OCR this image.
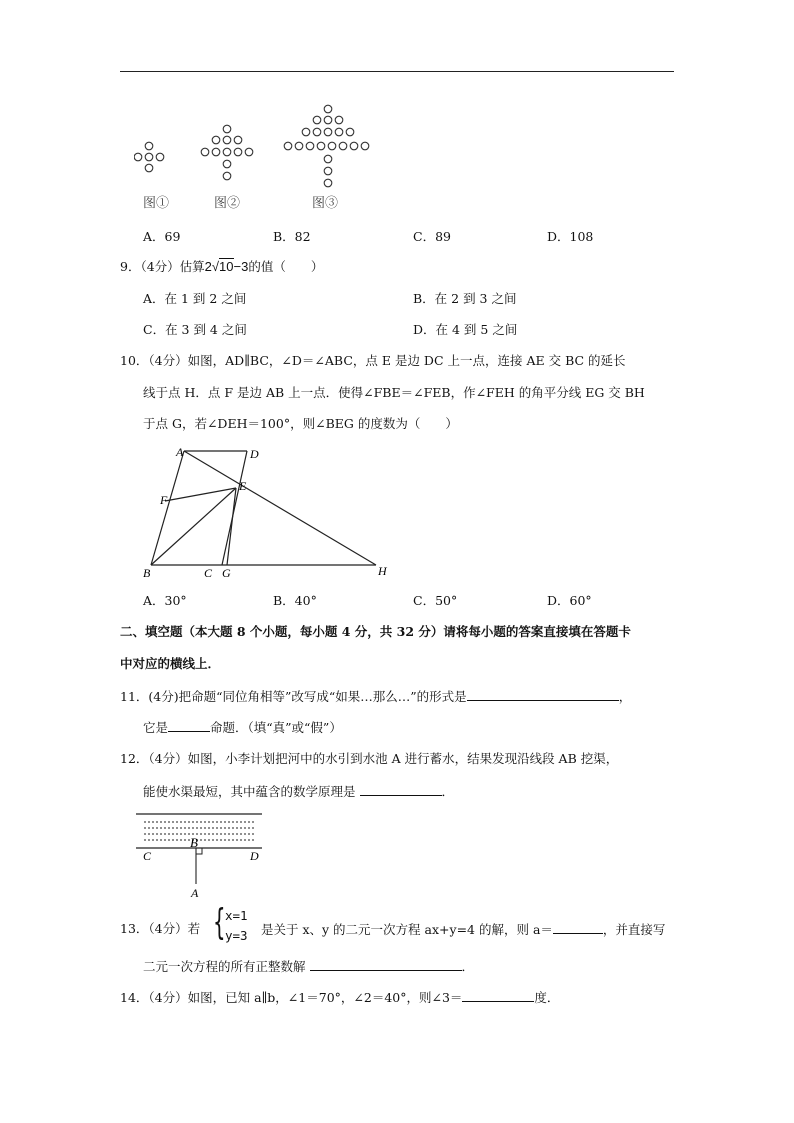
图①	图②	图③
A．69	B．82	C．89	D．108
9．（4分）估算2√10−3的值（　　）
A．在 1 到 2 之间	B．在 2 到 3 之间
C．在 3 到 4 之间	D．在 4 到 5 之间
10．（4分）如图，AD∥BC，∠D＝∠ABC，点 E 是边 DC 上一点，连接 AE 交 BC 的延长
线于点 H．点 F 是边 AB 上一点．使得∠FBE＝∠FEB，作∠FEH 的角平分线 EG 交 BH
于点 G，若∠DEH＝100°，则∠BEG 的度数为（　　）
A	D
E
F
B	C G	H
A．30°	B．40°	C．50°	D．60°
二、填空题（本大题 8 个小题，每小题 4 分，共 32 分）请将每小题的答案直接填在答题卡
中对应的横线上．
11．(4分)把命题“同位角相等”改写成“如果…那么…”的形式是	，
它是	命题．（填“真”或“假”）
12．（4分）如图，小李计划把河中的水引到水池 A 进行蓄水，结果发现沿线段 AB 挖渠，
能使水渠最短，其中蕴含的数学原理是	．
B
C	D
A
13．（4分）若 { x=1
y=3 是关于 x、y 的二元一次方程 ax+y=4 的解，则 a＝	，并直接写
二元一次方程的所有正整数解	．
14．（4分）如图，已知 a∥b，∠1＝70°，∠2＝40°，则∠3＝	度．
